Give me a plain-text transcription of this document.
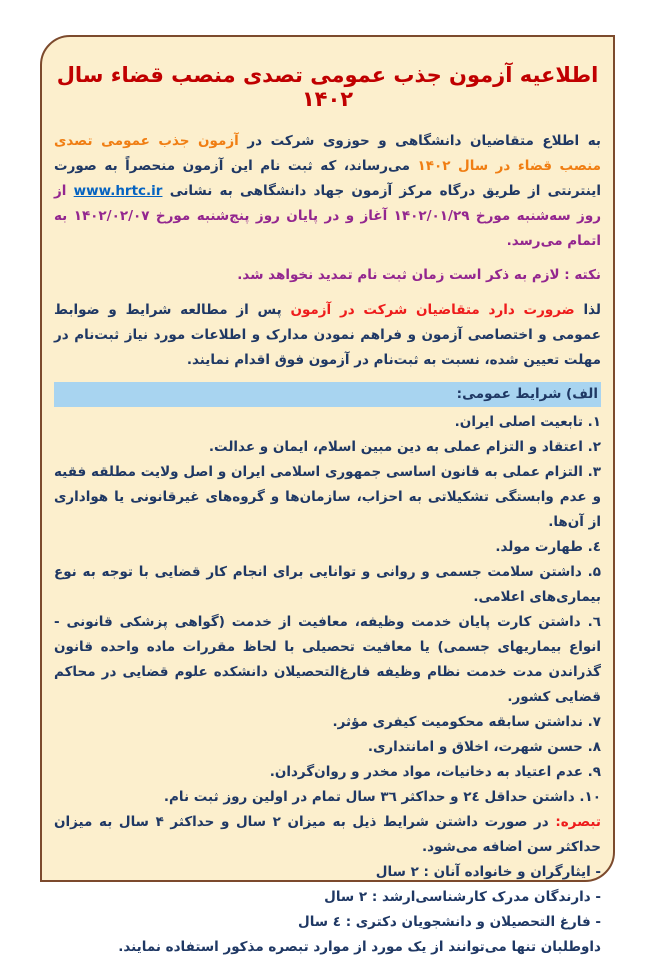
اطلاعیه آزمون جذب عمومی تصدی منصب قضاء سال ۱۴۰۲

به اطلاع متقاضیان دانشگاهی و حوزوی شرکت در آزمون جذب عمومی تصدی منصب قضاء در سال ۱۴۰۲ می‌رساند، که ثبت نام این آزمون منحصراً به صورت اینترنتی از طریق درگاه مرکز آزمون جهاد دانشگاهی به نشانی www.hrtc.ir از روز سه‌شنبه مورخ ۱۴۰۲/۰۱/۲۹ آغاز و در پایان روز پنج‌شنبه مورخ ۱۴۰۲/۰۲/۰۷ به اتمام می‌رسد.

نکته : لازم به ذکر است زمان ثبت نام تمدید نخواهد شد.

لذا ضرورت دارد متقاضیان شرکت در آزمون پس از مطالعه شرایط و ضوابط عمومی و اختصاصی آزمون و فراهم نمودن مدارک و اطلاعات مورد نیاز ثبت‌نام در مهلت تعیین شده، نسبت به ثبت‌نام در آزمون فوق اقدام نمایند.

الف) شرایط عمومی:
۱. تابعیت اصلی ایران.
۲. اعتقاد و التزام عملی به دین مبین اسلام، ایمان و عدالت.
۳. التزام عملی به قانون اساسی جمهوری اسلامی ایران و اصل ولایت مطلقه فقیه و عدم وابستگی تشکیلاتی به احزاب، سازمان‌ها و گروه‌های غیرقانونی یا هواداری از آن‌ها.
٤. طهارت مولد.
۵. داشتن سلامت جسمی و روانی و توانایی برای انجام کار قضایی با توجه به نوع بیماری‌های اعلامی.
٦. داشتن کارت پایان خدمت وظیفه، معافیت از خدمت (گواهی پزشکی قانونی - انواع بیماریهای جسمی) یا معافیت تحصیلی با لحاظ مقررات ماده واحده قانون گذراندن مدت خدمت نظام وظیفه فارغ‌التحصیلان دانشکده علوم قضایی در محاکم قضایی کشور.
۷. نداشتن سابقه محکومیت کیفری مؤثر.
۸. حسن شهرت، اخلاق و امانتداری.
۹. عدم اعتیاد به دخانیات، مواد مخدر و روان‌گردان.
۱۰. داشتن حداقل ۲٤ و حداکثر ۳٦ سال تمام در اولین روز ثبت نام.

تبصره: در صورت داشتن شرایط ذیل به میزان ۲ سال و حداکثر ۴ سال به میزان حداکثر سن اضافه می‌شود.

- ایثارگران و خانواده آنان : ۲ سال
- دارندگان مدرک کارشناسی‌ارشد : ۲ سال
- فارغ التحصیلان و دانشجویان دکتری : ٤ سال
داوطلبان تنها می‌توانند از یک مورد از موارد تبصره مذکور استفاده نمایند.
